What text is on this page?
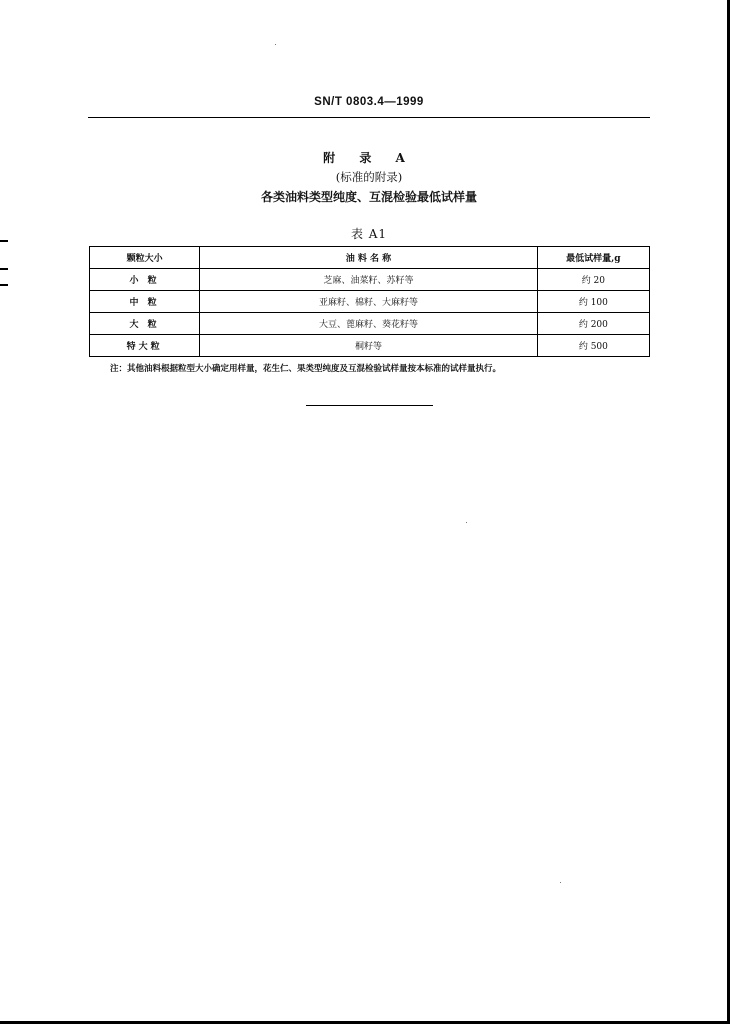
SN/T 0803.4—1999
附 录 A
(标准的附录)
各类油料类型纯度、互混检验最低试样量
表 A1
颗粒大小	油 料 名 称	最低试样量,g
小 粒	芝麻、油菜籽、苏籽等	约 20
中 粒	亚麻籽、棉籽、大麻籽等	约 100
大 粒	大豆、蓖麻籽、葵花籽等	约 200
特大粒	桐籽等	约 500
注：其他油料根据粒型大小确定用样量，花生仁、果类型纯度及互混检验试样量按本标准的试样量执行。
